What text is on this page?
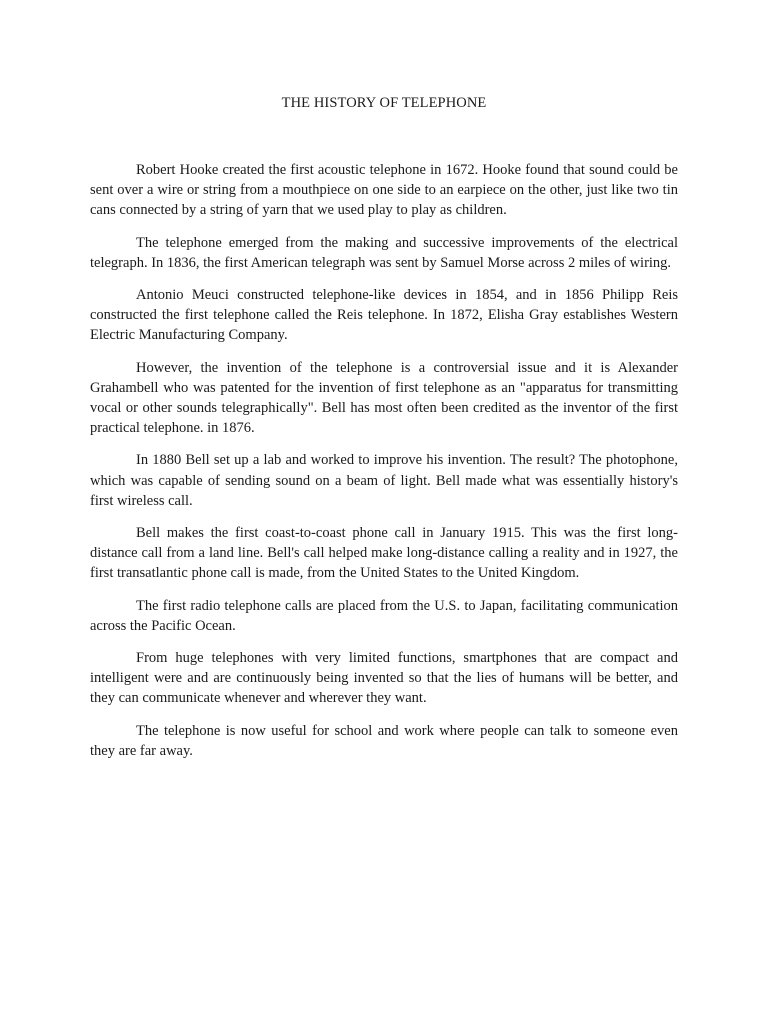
THE HISTORY OF TELEPHONE

Robert Hooke created the first acoustic telephone in 1672. Hooke found that sound could be sent over a wire or string from a mouthpiece on one side to an earpiece on the other, just like two tin cans connected by a string of yarn that we used play to play as children.

The telephone emerged from the making and successive improvements of the electrical telegraph. In 1836, the first American telegraph was sent by Samuel Morse across 2 miles of wiring.

Antonio Meuci constructed telephone-like devices in 1854, and in 1856 Philipp Reis constructed the first telephone called the Reis telephone. In 1872, Elisha Gray establishes Western Electric Manufacturing Company.

However, the invention of the telephone is a controversial issue and it is Alexander Grahambell who was patented for the invention of first telephone as an "apparatus for transmitting vocal or other sounds telegraphically". Bell has most often been credited as the inventor of the first practical telephone. in 1876.

In 1880 Bell set up a lab and worked to improve his invention. The result? The photophone, which was capable of sending sound on a beam of light. Bell made what was essentially history's first wireless call.

Bell makes the first coast-to-coast phone call in January 1915. This was the first long-distance call from a land line. Bell's call helped make long-distance calling a reality and in 1927, the first transatlantic phone call is made, from the United States to the United Kingdom.

The first radio telephone calls are placed from the U.S. to Japan, facilitating communication across the Pacific Ocean.

From huge telephones with very limited functions, smartphones that are compact and intelligent were and are continuously being invented so that the lies of humans will be better, and they can communicate whenever and wherever they want.

The telephone is now useful for school and work where people can talk to someone even they are far away.
